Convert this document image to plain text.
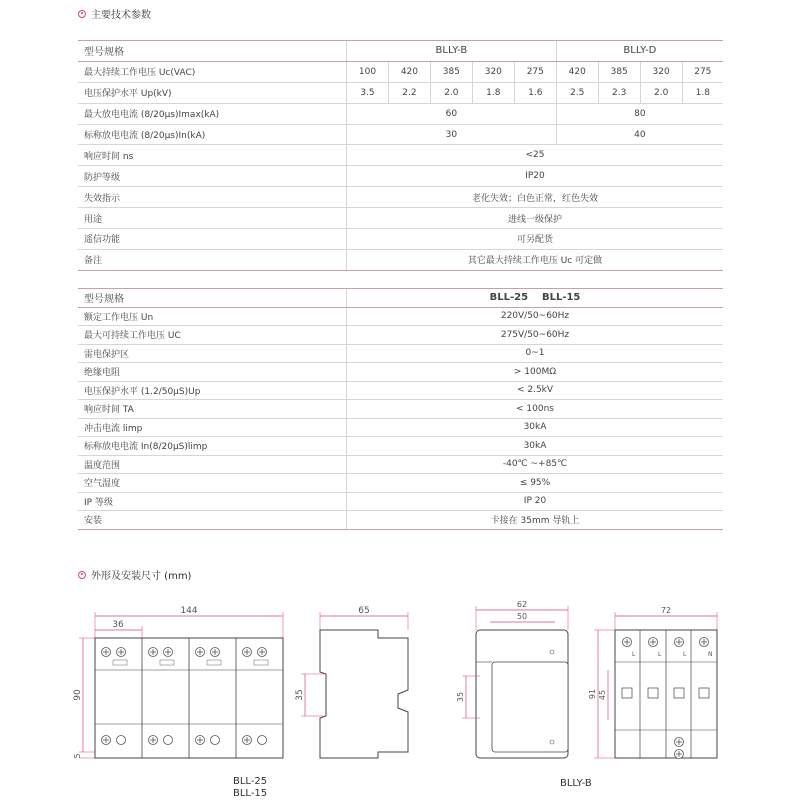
主要技术参数
型号规格	BLLY-B					BLLY-D			
最大持续工作电压 Uc(VAC)	100	420	385	320	275	420	385	320	275
电压保护水平 Up(kV)	3.5	2.2	2.0	1.8	1.6	2.5	2.3	2.0	1.8
最大放电电流 (8/20μs)Imax(kA)	60					80			
标称放电电流 (8/20μs)In(kA)	30					40			
响应时间 ns	<25								
防护等级	IP20								
失效指示	老化失效；白色正常，红色失效								
用途	进线一级保护								
遥信功能	可另配货								
备注	其它最大持续工作电压 Uc 可定做								
型号规格	BLL-25    BLL-15
额定工作电压 Un	220V/50~60Hz
最大可持续工作电压 UC	275V/50~60Hz
雷电保护区	0~1
绝缘电阻	> 100MΩ
电压保护水平 (1.2/50μS)Up	< 2.5kV
响应时间 TA	< 100ns
冲击电流 limp	30kA
标称放电电流 In(8/20μS)limp	30kA
温度范围	-40℃ ~+85℃
空气湿度	≤ 95%
IP 等级	IP 20
安装	卡接在 35mm 导轨上
外形及安装尺寸 (mm)
144
36
90
5
65
35
62
50
35
72
L	L	L	N
91 45
BLL-25
BLL-15
BLLY-B
